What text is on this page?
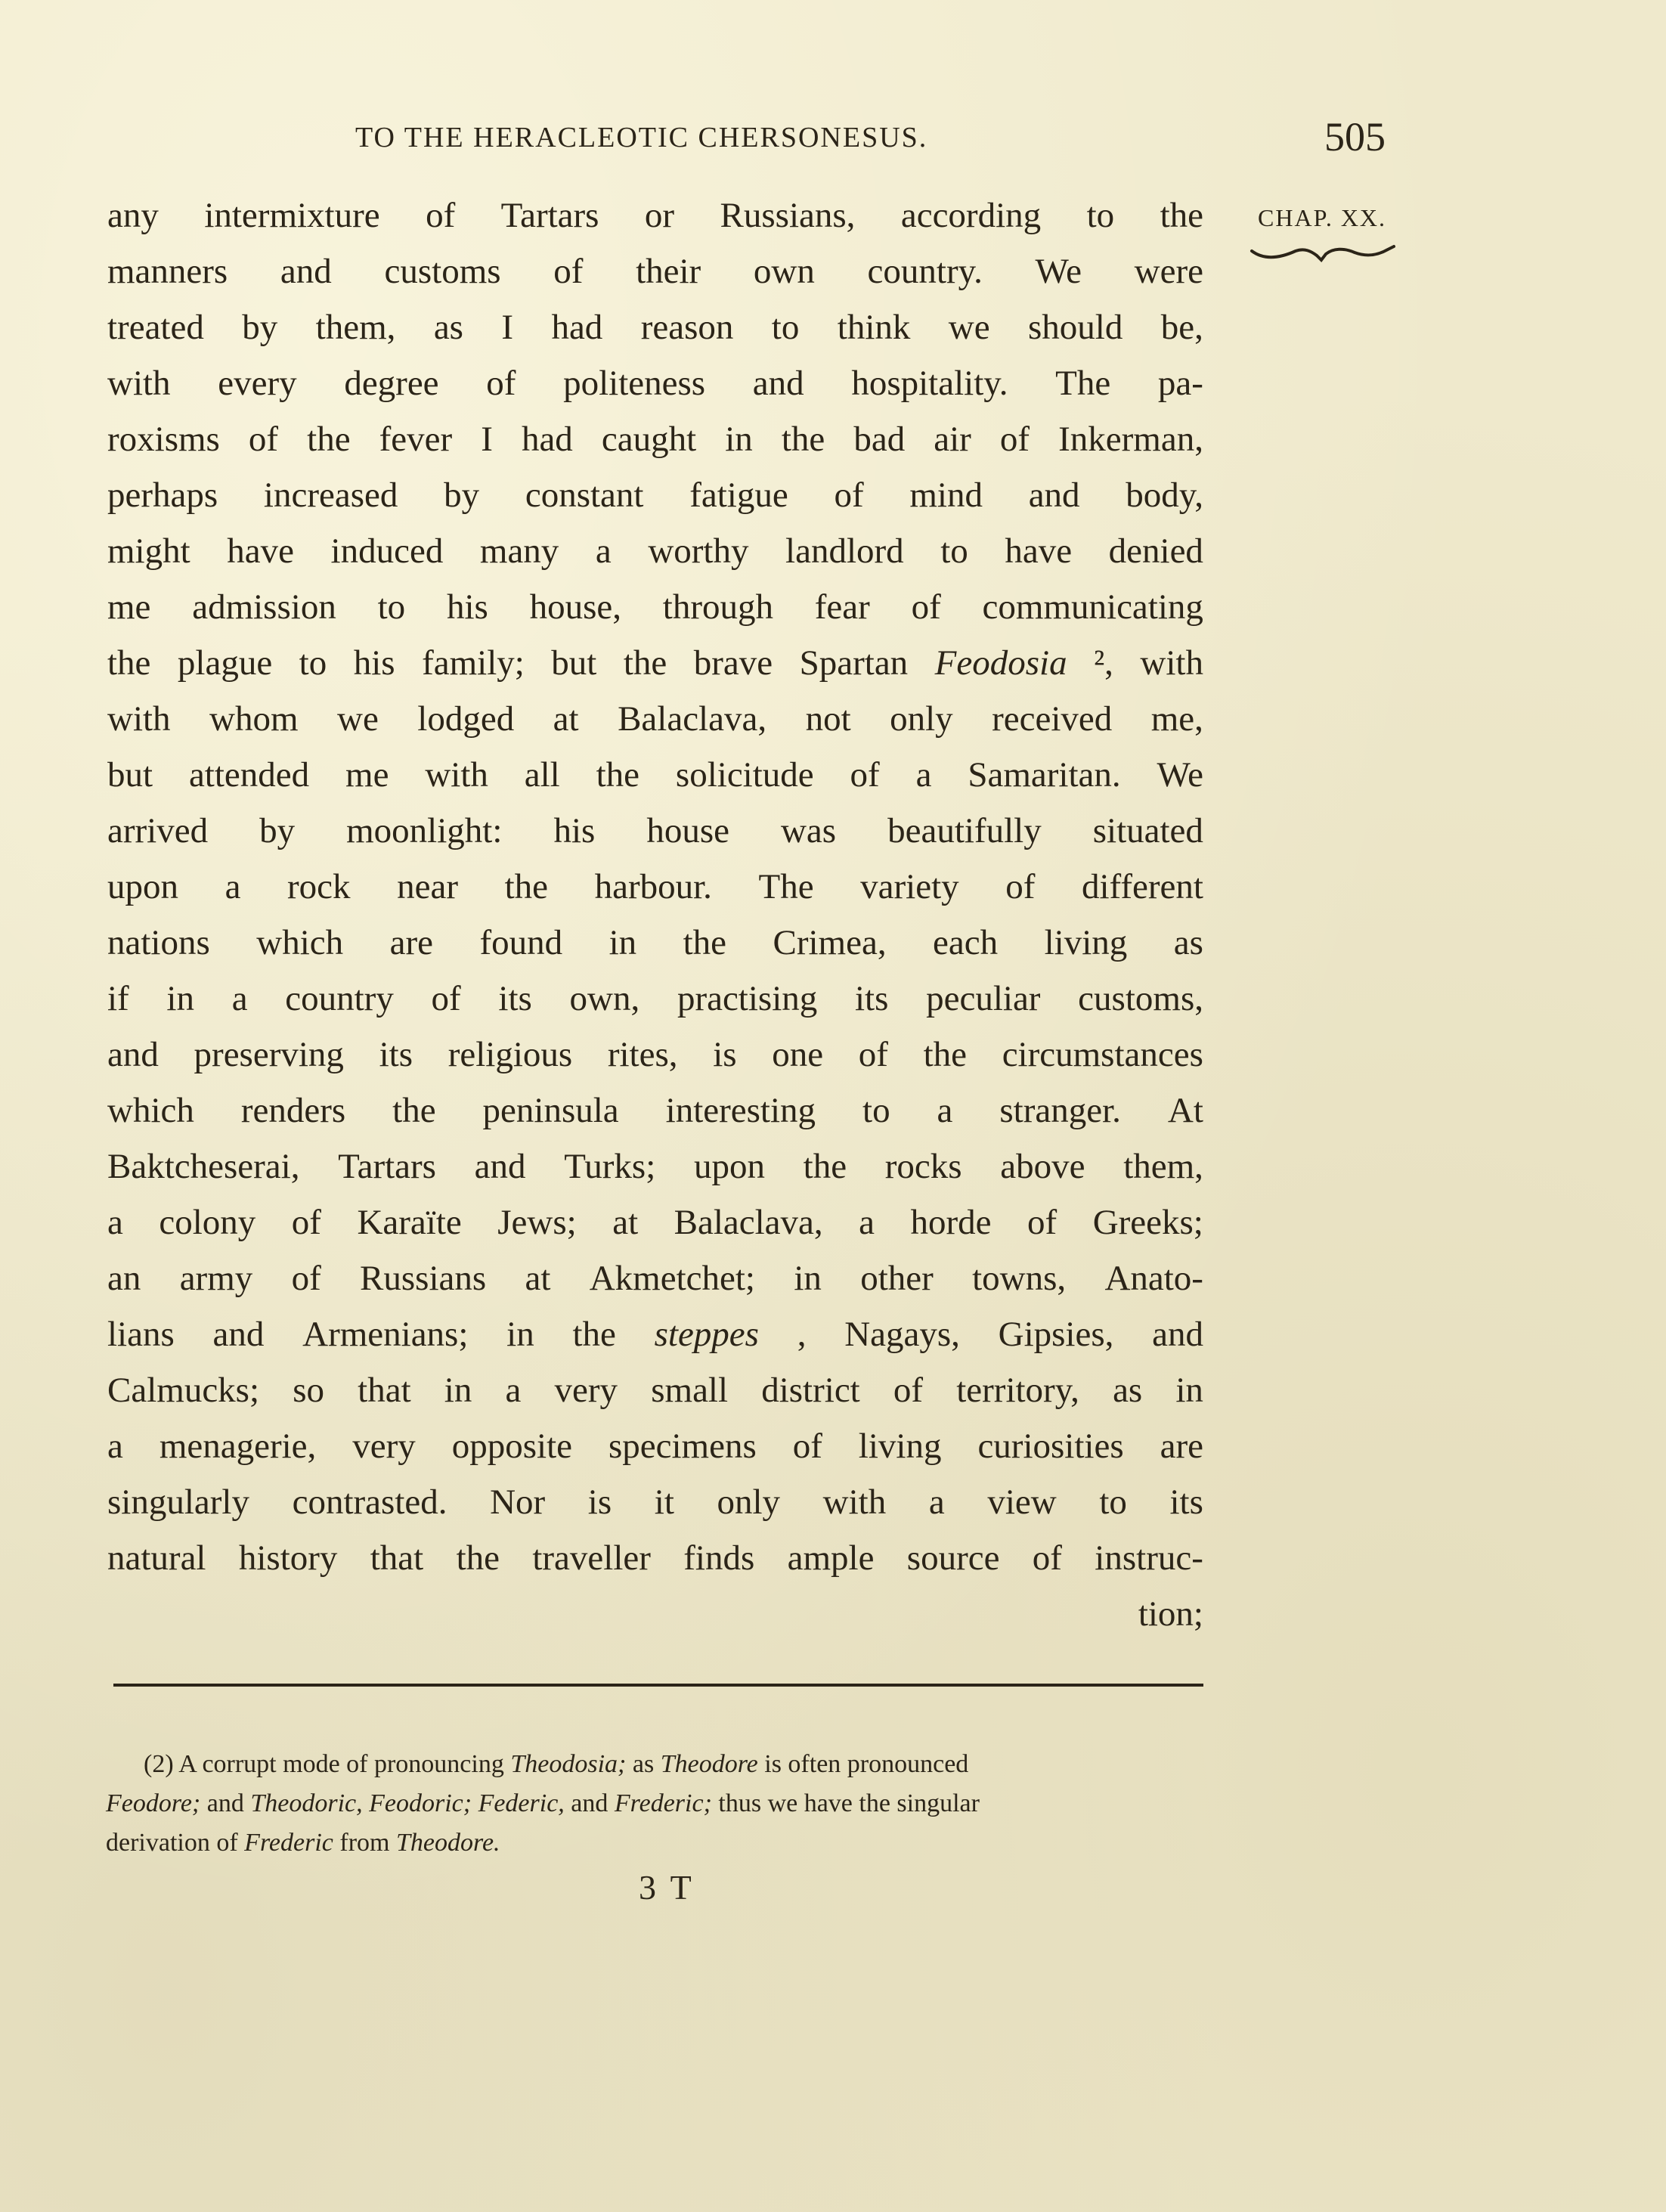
TO THE HERACLEOTIC CHERSONESUS.	505
CHAP. XX.
any intermixture of Tartars or Russians, according to the
manners and customs of their own country. We were
treated by them, as I had reason to think we should be,
with every degree of politeness and hospitality. The pa-
roxisms of the fever I had caught in the bad air of Inkerman,
perhaps increased by constant fatigue of mind and body,
might have induced many a worthy landlord to have denied
me admission to his house, through fear of communicating
the plague to his family; but the brave Spartan Feodosia ², with
with whom we lodged at Balaclava, not only received me,
but attended me with all the solicitude of a Samaritan. We
arrived by moonlight: his house was beautifully situated
upon a rock near the harbour. The variety of different
nations which are found in the Crimea, each living as
if in a country of its own, practising its peculiar customs,
and preserving its religious rites, is one of the circumstances
which renders the peninsula interesting to a stranger. At
Baktcheserai, Tartars and Turks; upon the rocks above them,
a colony of Karaïte Jews; at Balaclava, a horde of Greeks;
an army of Russians at Akmetchet; in other towns, Anato-
lians and Armenians; in the steppes , Nagays, Gipsies, and
Calmucks; so that in a very small district of territory, as in
a menagerie, very opposite specimens of living curiosities are
singularly contrasted. Nor is it only with a view to its
natural history that the traveller finds ample source of instruc-
tion;
(2) A corrupt mode of pronouncing Theodosia; as Theodore is often pronounced
Feodore; and Theodoric, Feodoric; Federic, and Frederic; thus we have the singular
derivation of Frederic from Theodore.
3 T
